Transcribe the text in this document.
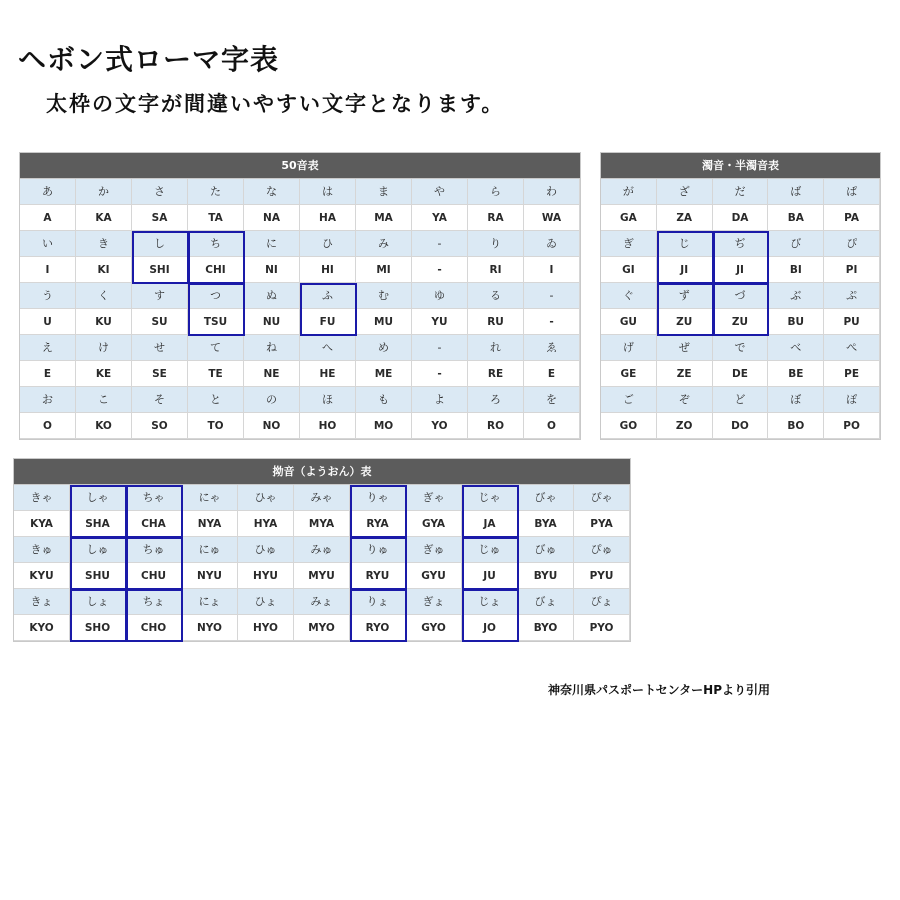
ヘボン式ローマ字表
太枠の文字が間違いやすい文字となります。
50音表
あ	か	さ	た	な	は	ま	や	ら	わ
A	KA	SA	TA	NA	HA	MA	YA	RA	WA
い	き	し	ち	に	ひ	み	-	り	ゐ
I	KI	SHI	CHI	NI	HI	MI	-	RI	I
う	く	す	つ	ぬ	ふ	む	ゆ	る	-
U	KU	SU	TSU	NU	FU	MU	YU	RU	-
え	け	せ	て	ね	へ	め	-	れ	ゑ
E	KE	SE	TE	NE	HE	ME	-	RE	E
お	こ	そ	と	の	ほ	も	よ	ろ	を
O	KO	SO	TO	NO	HO	MO	YO	RO	O
濁音・半濁音表
が	ざ	だ	ば	ぱ
GA	ZA	DA	BA	PA
ぎ	じ	ぢ	び	ぴ
GI	JI	JI	BI	PI
ぐ	ず	づ	ぶ	ぷ
GU	ZU	ZU	BU	PU
げ	ぜ	で	べ	ぺ
GE	ZE	DE	BE	PE
ご	ぞ	ど	ぼ	ぽ
GO	ZO	DO	BO	PO
拗音（ようおん）表
きゃ	しゃ	ちゃ	にゃ	ひゃ	みゃ	りゃ	ぎゃ	じゃ	びゃ	ぴゃ
KYA	SHA	CHA	NYA	HYA	MYA	RYA	GYA	JA	BYA	PYA
きゅ	しゅ	ちゅ	にゅ	ひゅ	みゅ	りゅ	ぎゅ	じゅ	びゅ	ぴゅ
KYU	SHU	CHU	NYU	HYU	MYU	RYU	GYU	JU	BYU	PYU
きょ	しょ	ちょ	にょ	ひょ	みょ	りょ	ぎょ	じょ	びょ	ぴょ
KYO	SHO	CHO	NYO	HYO	MYO	RYO	GYO	JO	BYO	PYO
神奈川県パスポートセンターHPより引用
